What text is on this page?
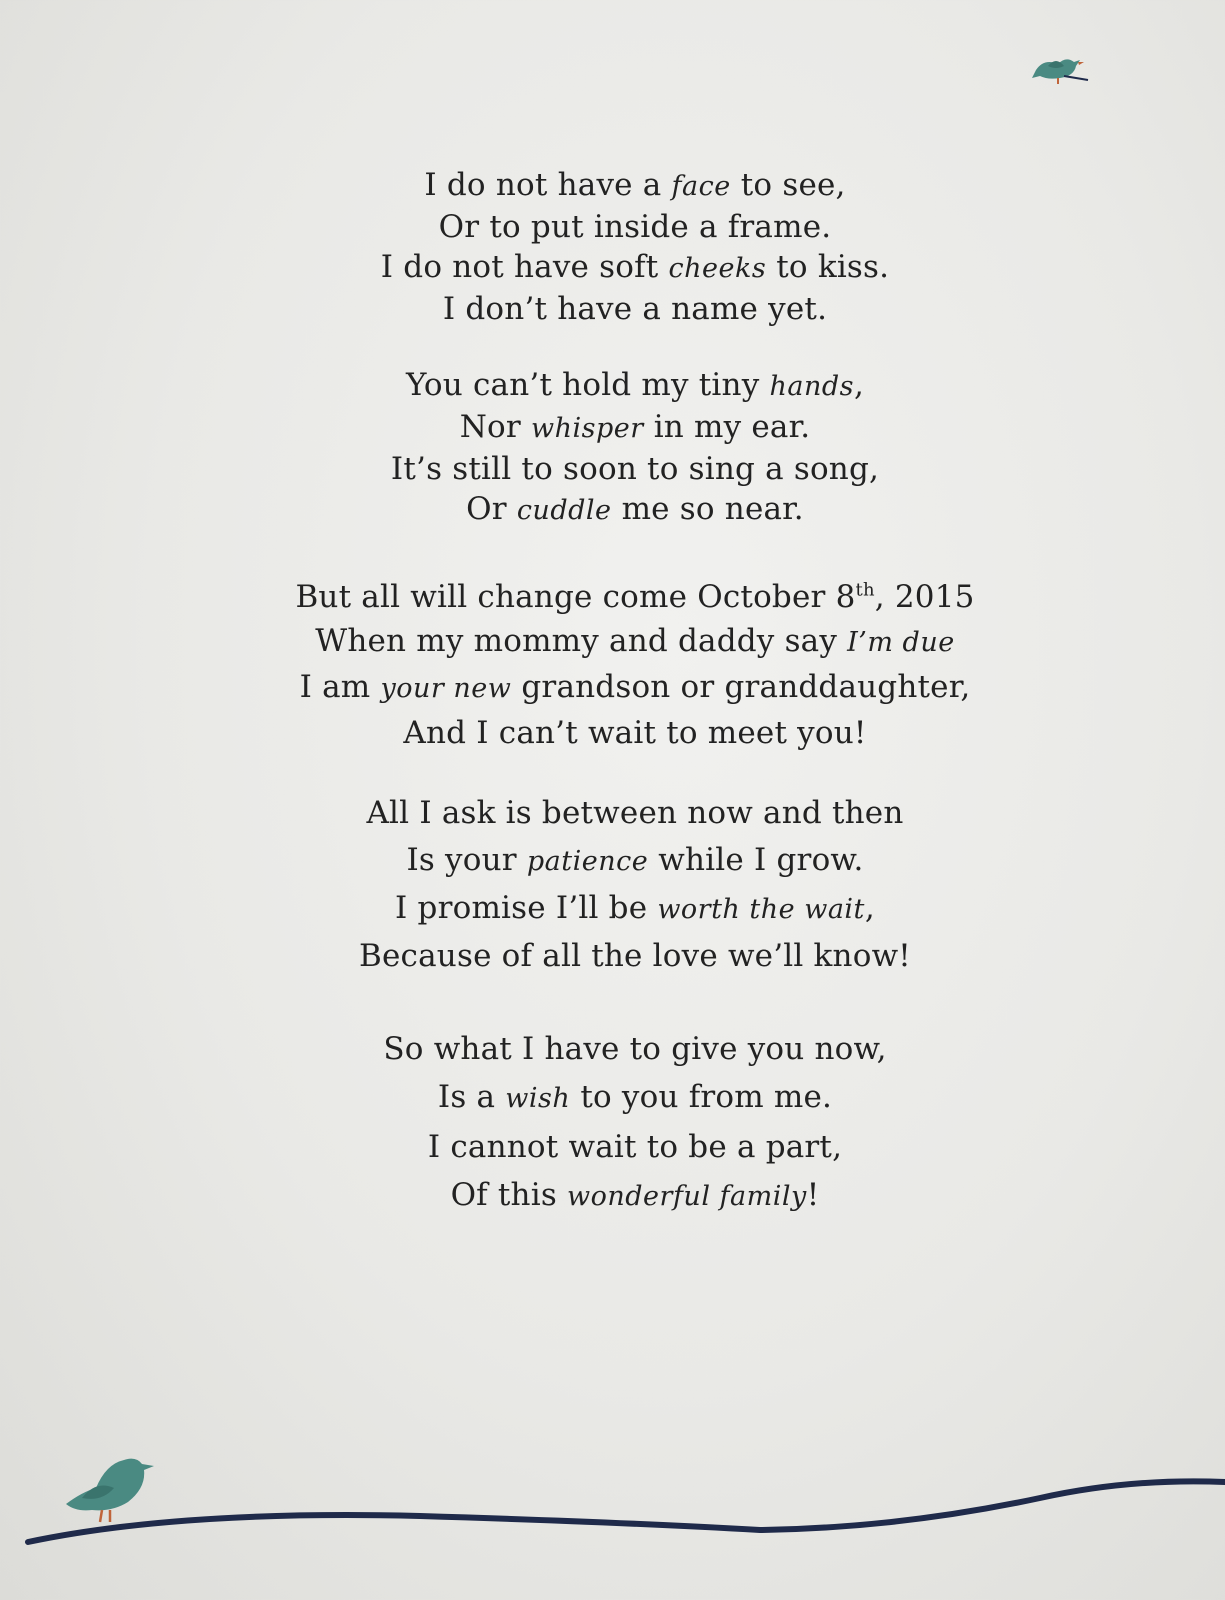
I do not have a face to see,
Or to put inside a frame.
I do not have soft cheeks to kiss.
I don’t have a name yet.
You can’t hold my tiny hands,
Nor whisper in my ear.
It’s still to soon to sing a song,
Or cuddle me so near.
But all will change come October 8th, 2015
When my mommy and daddy say I’m due
I am your new grandson or granddaughter,
And I can’t wait to meet you!
All I ask is between now and then
Is your patience while I grow.
I promise I’ll be worth the wait,
Because of all the love we’ll know!
So what I have to give you now,
Is a wish to you from me.
I cannot wait to be a part,
Of this wonderful family!
